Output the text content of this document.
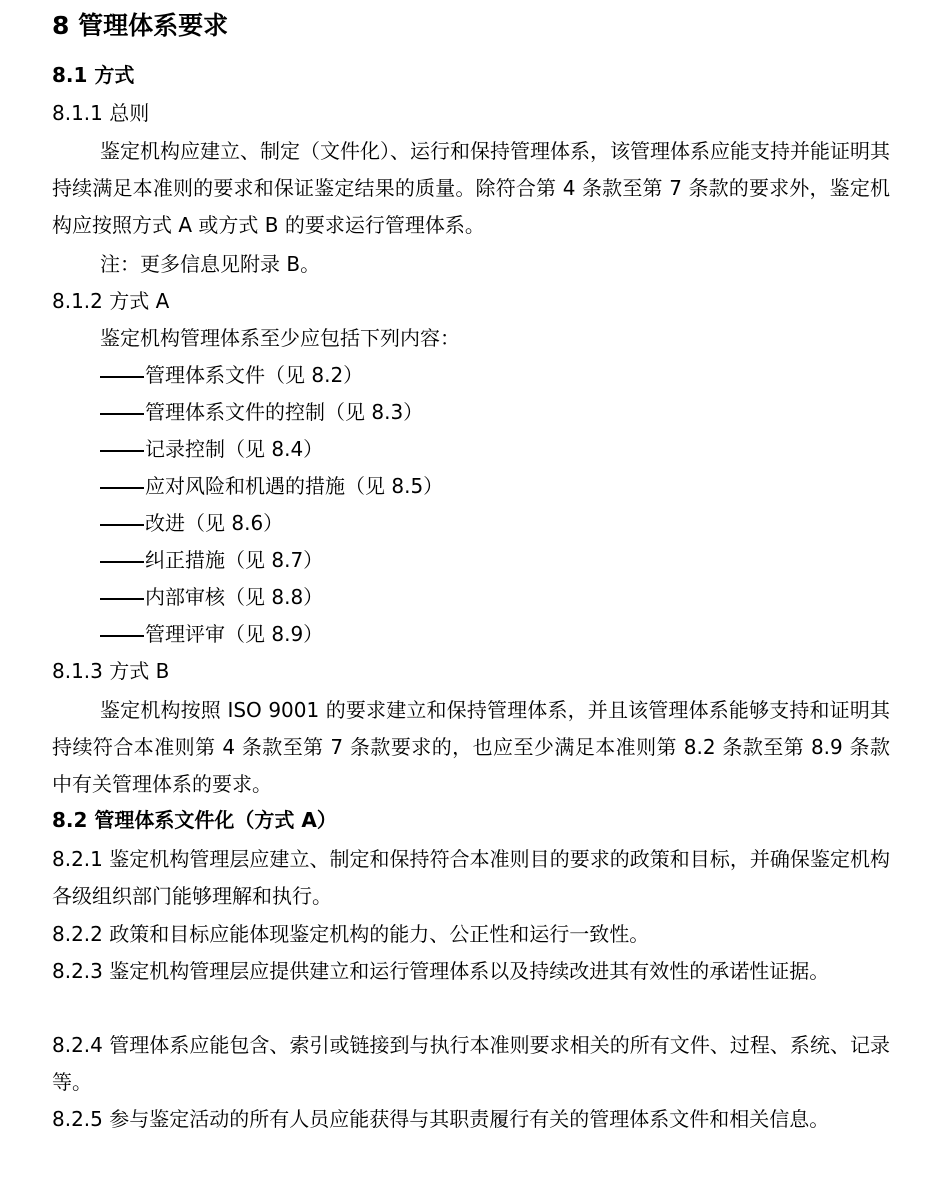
8 管理体系要求
8.1 方式
8.1.1 总则
鉴定机构应建立、制定（文件化）、运行和保持管理体系，该管理体系应能支持并能证明其持续满足本准则的要求和保证鉴定结果的质量。除符合第 4 条款至第 7 条款的要求外，鉴定机构应按照方式 A 或方式 B 的要求运行管理体系。
注：更多信息见附录 B。
8.1.2 方式 A
鉴定机构管理体系至少应包括下列内容：
管理体系文件（见 8.2）
管理体系文件的控制（见 8.3）
记录控制（见 8.4）
应对风险和机遇的措施（见 8.5）
改进（见 8.6）
纠正措施（见 8.7）
内部审核（见 8.8）
管理评审（见 8.9）
8.1.3 方式 B
鉴定机构按照 ISO 9001 的要求建立和保持管理体系，并且该管理体系能够支持和证明其持续符合本准则第 4 条款至第 7 条款要求的，也应至少满足本准则第 8.2 条款至第 8.9 条款中有关管理体系的要求。
8.2 管理体系文件化（方式 A）
8.2.1 鉴定机构管理层应建立、制定和保持符合本准则目的要求的政策和目标，并确保鉴定机构各级组织部门能够理解和执行。
8.2.2 政策和目标应能体现鉴定机构的能力、公正性和运行一致性。
8.2.3 鉴定机构管理层应提供建立和运行管理体系以及持续改进其有效性的承诺性证据。
8.2.4 管理体系应能包含、索引或链接到与执行本准则要求相关的所有文件、过程、系统、记录等。
8.2.5 参与鉴定活动的所有人员应能获得与其职责履行有关的管理体系文件和相关信息。
